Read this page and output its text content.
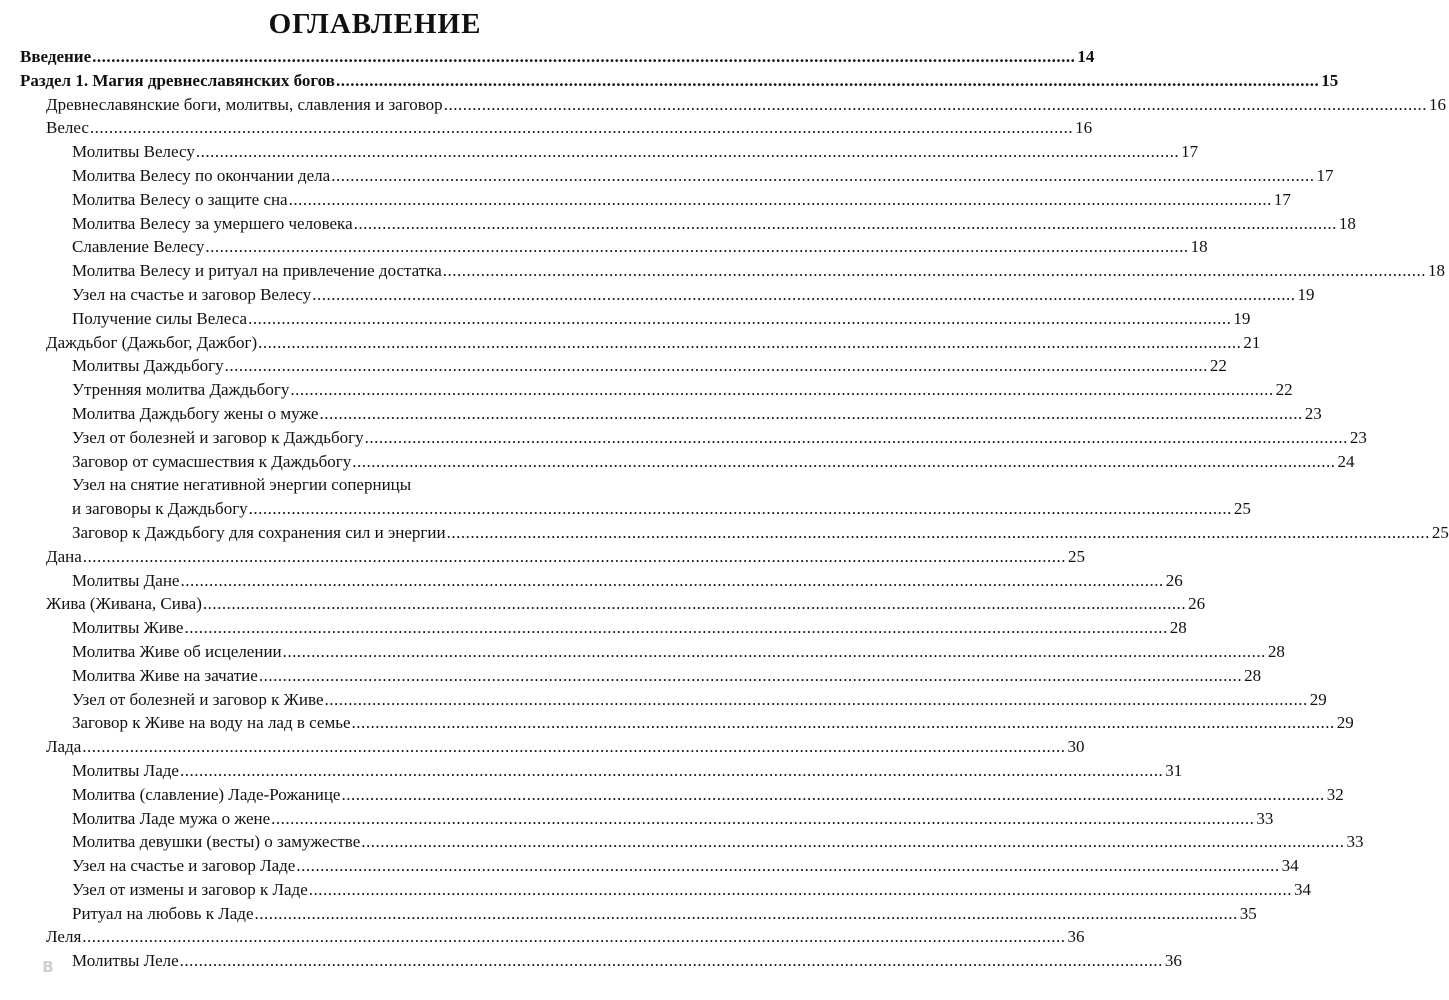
ОГЛАВЛЕНИЕ
Введение .....	14
Раздел 1. Магия древнеславянских богов .....	15
Древнеславянские боги, молитвы, славления и заговор .....	16
Велес .....	16
Молитвы Велесу .....	17
Молитва Велесу по окончании дела .....	17
Молитва Велесу о защите сна .....	17
Молитва Велесу за умершего человека .....	18
Славление Велесу .....	18
Молитва Велесу и ритуал на привлечение достатка .....	18
Узел на счастье и заговор Велесу .....	19
Получение силы Велеса .....	19
Даждьбог (Дажьбог, Дажбог) .....	21
Молитвы Даждьбогу .....	22
Утренняя молитва Даждьбогу .....	22
Молитва Даждьбогу жены о муже .....	23
Узел от болезней и заговор к Даждьбогу .....	23
Заговор от сумасшествия к Даждьбогу .....	24
Узел на снятие негативной энергии соперницы
и заговоры к Даждьбогу .....	25
Заговор к Даждьбогу для сохранения сил и энергии .....	25
Дана .....	25
Молитвы Дане .....	26
Жива (Живана, Сива) .....	26
Молитвы Живе .....	28
Молитва Живе об исцелении .....	28
Молитва Живе на зачатие .....	28
Узел от болезней и заговор к Живе .....	29
Заговор к Живе на воду на лад в семье .....	29
Лада .....	30
Молитвы Ладе .....	31
Молитва (славление) Ладе-Рожанице .....	32
Молитва Ладе мужа о жене .....	33
Молитва девушки (весты) о замужестве .....	33
Узел на счастье и заговор Ладе .....	34
Узел от измены и заговор к Ладе .....	34
Ритуал на любовь к Ладе .....	35
Леля .....	36
Молитвы Леле .....	36
В
